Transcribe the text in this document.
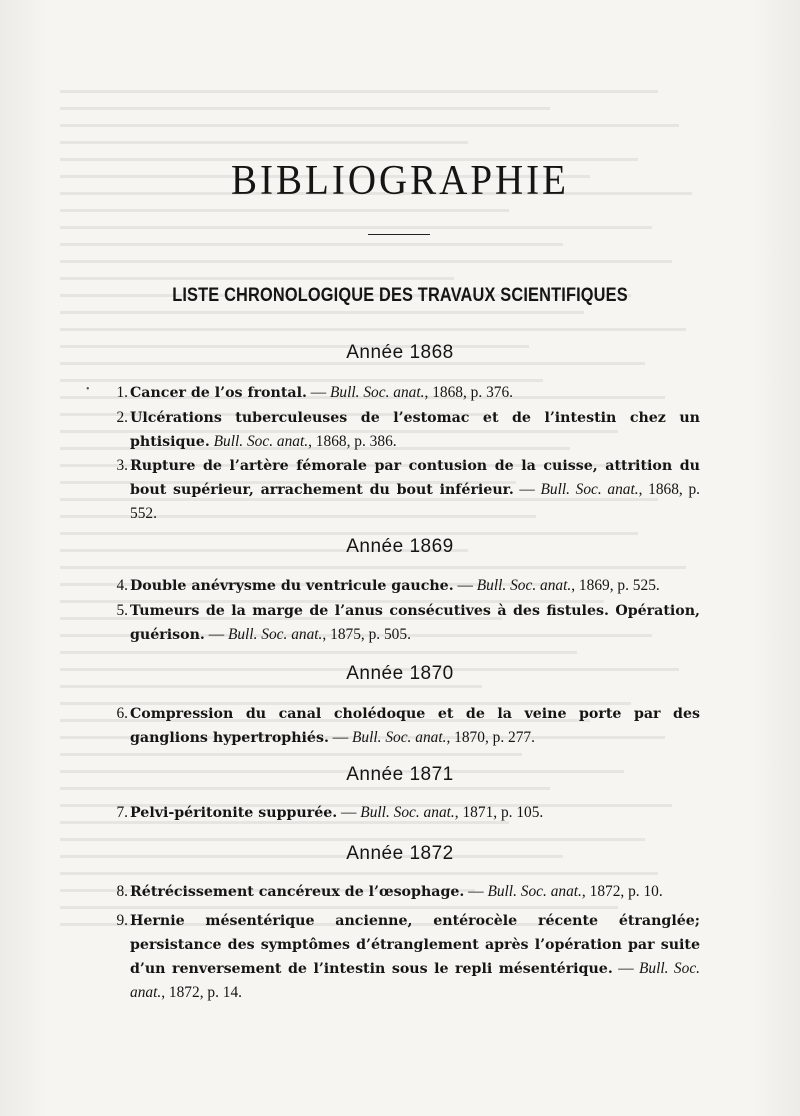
BIBLIOGRAPHIE
LISTE CHRONOLOGIQUE DES TRAVAUX SCIENTIFIQUES
•
Année 1868
1. Cancer de l’os frontal. — Bull. Soc. anat., 1868, p. 376.
2. Ulcérations tuberculeuses de l’estomac et de l’intestin chez un phtisique. Bull. Soc. anat., 1868, p. 386.
3. Rupture de l’artère fémorale par contusion de la cuisse, attrition du bout supérieur, arrachement du bout inférieur. — Bull. Soc. anat., 1868, p. 552.
Année 1869
4. Double anévrysme du ventricule gauche. — Bull. Soc. anat., 1869, p. 525.
5. Tumeurs de la marge de l’anus consécutives à des fistules. Opération, guérison. — Bull. Soc. anat., 1875, p. 505.
Année 1870
6. Compression du canal cholédoque et de la veine porte par des ganglions hypertrophiés. — Bull. Soc. anat., 1870, p. 277.
Année 1871
7. Pelvi-péritonite suppurée. — Bull. Soc. anat., 1871, p. 105.
Année 1872
8. Rétrécissement cancéreux de l’œsophage. — Bull. Soc. anat., 1872, p. 10.
9. Hernie mésentérique ancienne, entérocèle récente étranglée; persistance des symptômes d’étranglement après l’opération par suite d’un renversement de l’intestin sous le repli mésentérique. — Bull. Soc. anat., 1872, p. 14.
